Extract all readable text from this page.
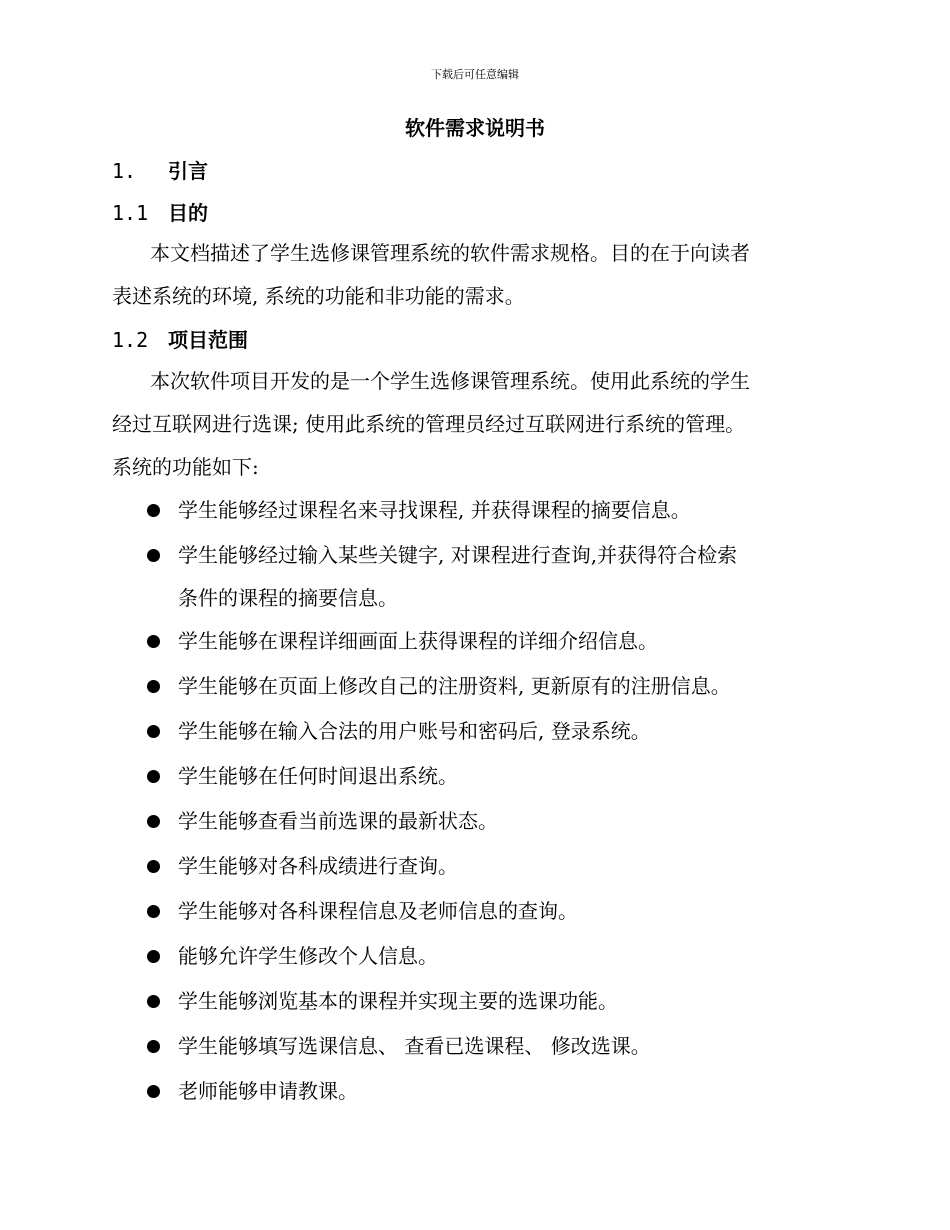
下载后可任意编辑
软件需求说明书
1. 引言
1.1 目的
本文档描述了学生选修课管理系统的软件需求规格。目的在于向读者
表述系统的环境, 系统的功能和非功能的需求。
1.2 项目范围
本次软件项目开发的是一个学生选修课管理系统。使用此系统的学生
经过互联网进行选课; 使用此系统的管理员经过互联网进行系统的管理。
系统的功能如下:
学生能够经过课程名来寻找课程, 并获得课程的摘要信息。
学生能够经过输入某些关键字, 对课程进行查询,并获得符合检索
条件的课程的摘要信息。
学生能够在课程详细画面上获得课程的详细介绍信息。
学生能够在页面上修改自己的注册资料, 更新原有的注册信息。
学生能够在输入合法的用户账号和密码后, 登录系统。
学生能够在任何时间退出系统。
学生能够查看当前选课的最新状态。
学生能够对各科成绩进行查询。
学生能够对各科课程信息及老师信息的查询。
能够允许学生修改个人信息。
学生能够浏览基本的课程并实现主要的选课功能。
学生能够填写选课信息、 查看已选课程、 修改选课。
老师能够申请教课。
